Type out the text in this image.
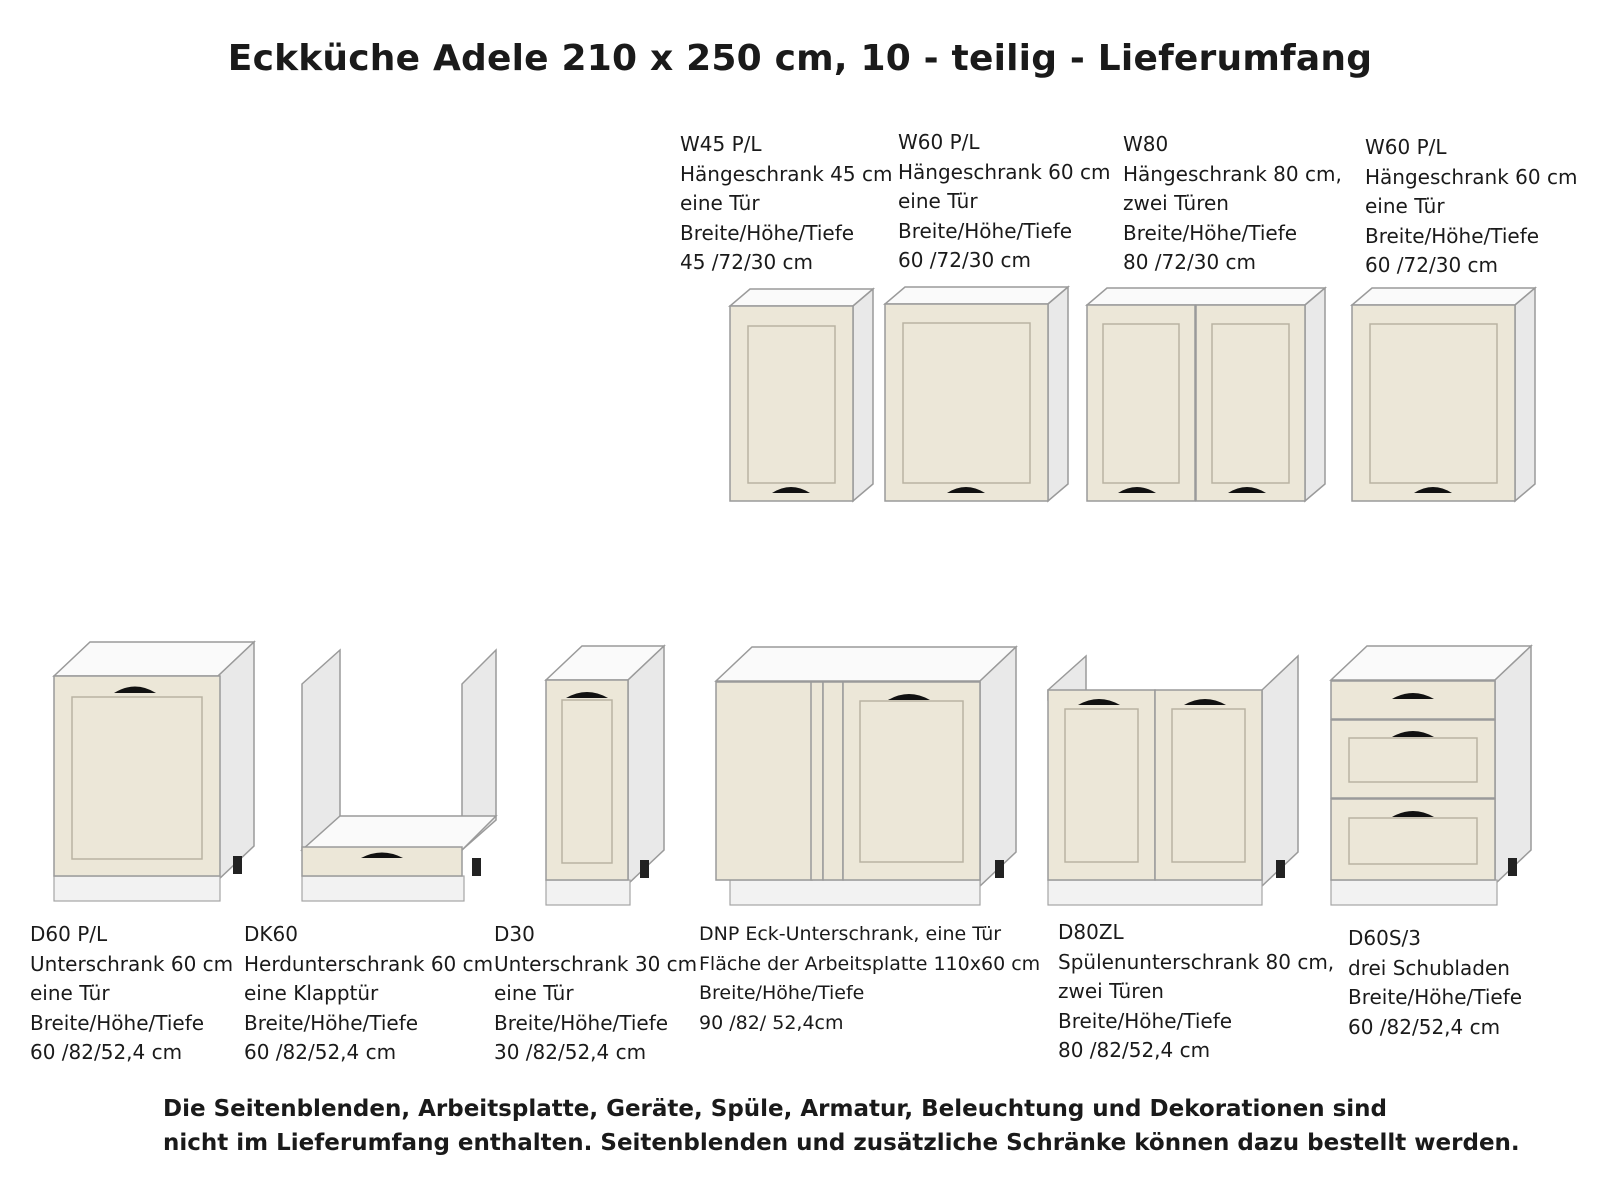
Eckküche Adele 210 x 250 cm, 10 - teilig - Lieferumfang
W45 P/L
Hängeschrank 45 cm
eine Tür
Breite/Höhe/Tiefe
45 /72/30 cm
W60 P/L
Hängeschrank 60 cm
eine Tür
Breite/Höhe/Tiefe
60 /72/30 cm
W80
Hängeschrank 80 cm,
zwei Türen
Breite/Höhe/Tiefe
80 /72/30 cm
W60 P/L
Hängeschrank 60 cm
eine Tür
Breite/Höhe/Tiefe
60 /72/30 cm
D60 P/L
Unterschrank 60 cm
eine Tür
Breite/Höhe/Tiefe
60 /82/52,4 cm
DK60
Herdunterschrank 60 cm
eine Klapptür
Breite/Höhe/Tiefe
60 /82/52,4 cm
D30
Unterschrank 30 cm
eine Tür
Breite/Höhe/Tiefe
30 /82/52,4 cm
DNP Eck-Unterschrank, eine Tür
Fläche der Arbeitsplatte 110x60 cm
Breite/Höhe/Tiefe
90 /82/ 52,4cm
D80ZL
Spülenunterschrank 80 cm,
zwei Türen
Breite/Höhe/Tiefe
80 /82/52,4 cm
D60S/3
drei Schubladen
Breite/Höhe/Tiefe
60 /82/52,4 cm
Die Seitenblenden, Arbeitsplatte, Geräte, Spüle, Armatur, Beleuchtung und Dekorationen sind
nicht im Lieferumfang enthalten. Seitenblenden und zusätzliche Schränke können dazu bestellt werden.
